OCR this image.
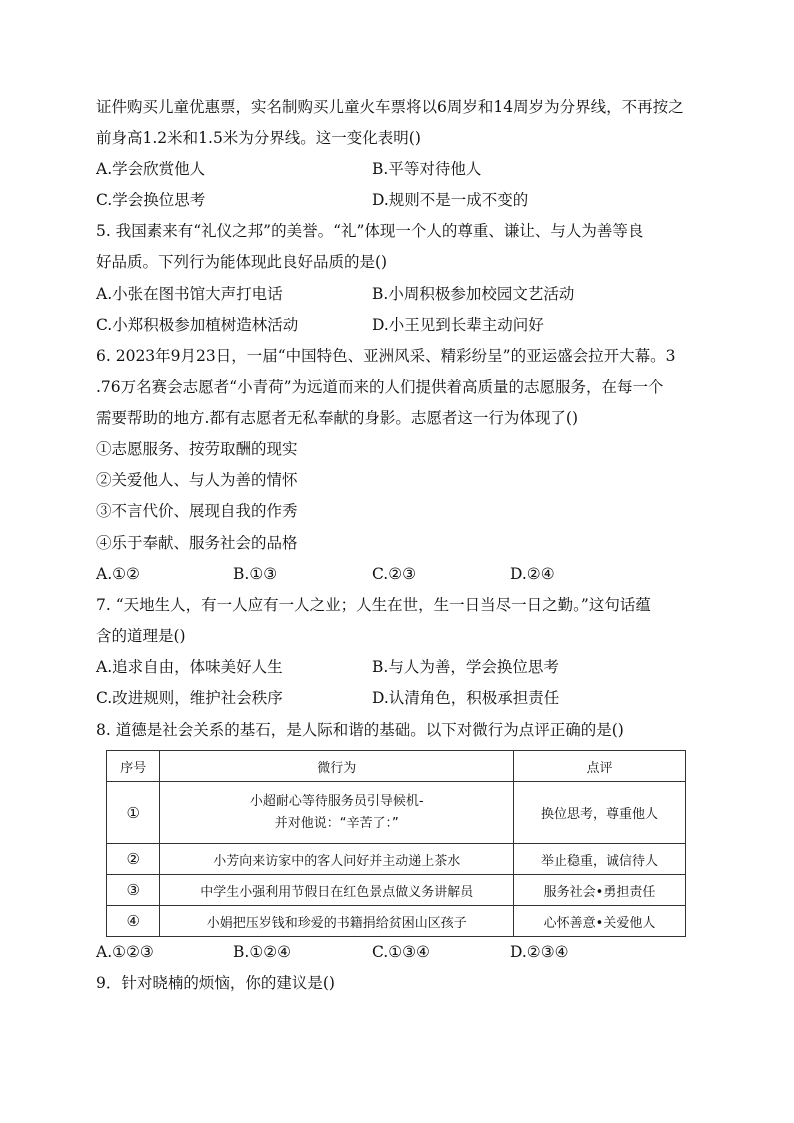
证件购买儿童优惠票，实名制购买儿童火车票将以6周岁和14周岁为分界线，不再按之
前身高1.2米和1.5米为分界线。这一变化表明()
A.学会欣赏他人	B.平等对待他人
C.学会换位思考	D.规则不是一成不变的
5. 我国素来有“礼仪之邦”的美誉。“礼”体现一个人的尊重、谦让、与人为善等良
好品质。下列行为能体现此良好品质的是()
A.小张在图书馆大声打电话	B.小周积极参加校园文艺活动
C.小郑积极参加植树造林活动	D.小王见到长辈主动问好
6. 2023年9月23日，一届“中国特色、亚洲风采、精彩纷呈”的亚运盛会拉开大幕。3
.76万名赛会志愿者“小青荷”为远道而来的人们提供着高质量的志愿服务，在每一个
需要帮助的地方.都有志愿者无私奉献的身影。志愿者这一行为体现了()
①志愿服务、按劳取酬的现实
②关爱他人、与人为善的情怀
③不言代价、展现自我的作秀
④乐于奉献、服务社会的品格
A.①②	B.①③	C.②③	D.②④
7. “天地生人，有一人应有一人之业；人生在世，生一日当尽一日之勤。”这句话蕴
含的道理是()
A.追求自由，体味美好人生	B.与人为善，学会换位思考
C.改进规则，维护社会秩序	D.认清角色，积极承担责任
8. 道德是社会关系的基石，是人际和谐的基础。以下对微行为点评正确的是()
序号	微行为	点评
①	小超耐心等待服务员引导候机-
并对他说：“辛苦了：”	换位思考，尊重他人
②	小芳向来访家中的客人问好并主动递上茶水	举止稳重，诚信待人
③	中学生小强利用节假日在红色景点做义务讲解员	服务社会•勇担责任
④	小娟把压岁钱和珍爱的书籍捐给贫困山区孩子	心怀善意•关爱他人
A.①②③	B.①②④	C.①③④	D.②③④
9．针对晓楠的烦恼，你的建议是()
